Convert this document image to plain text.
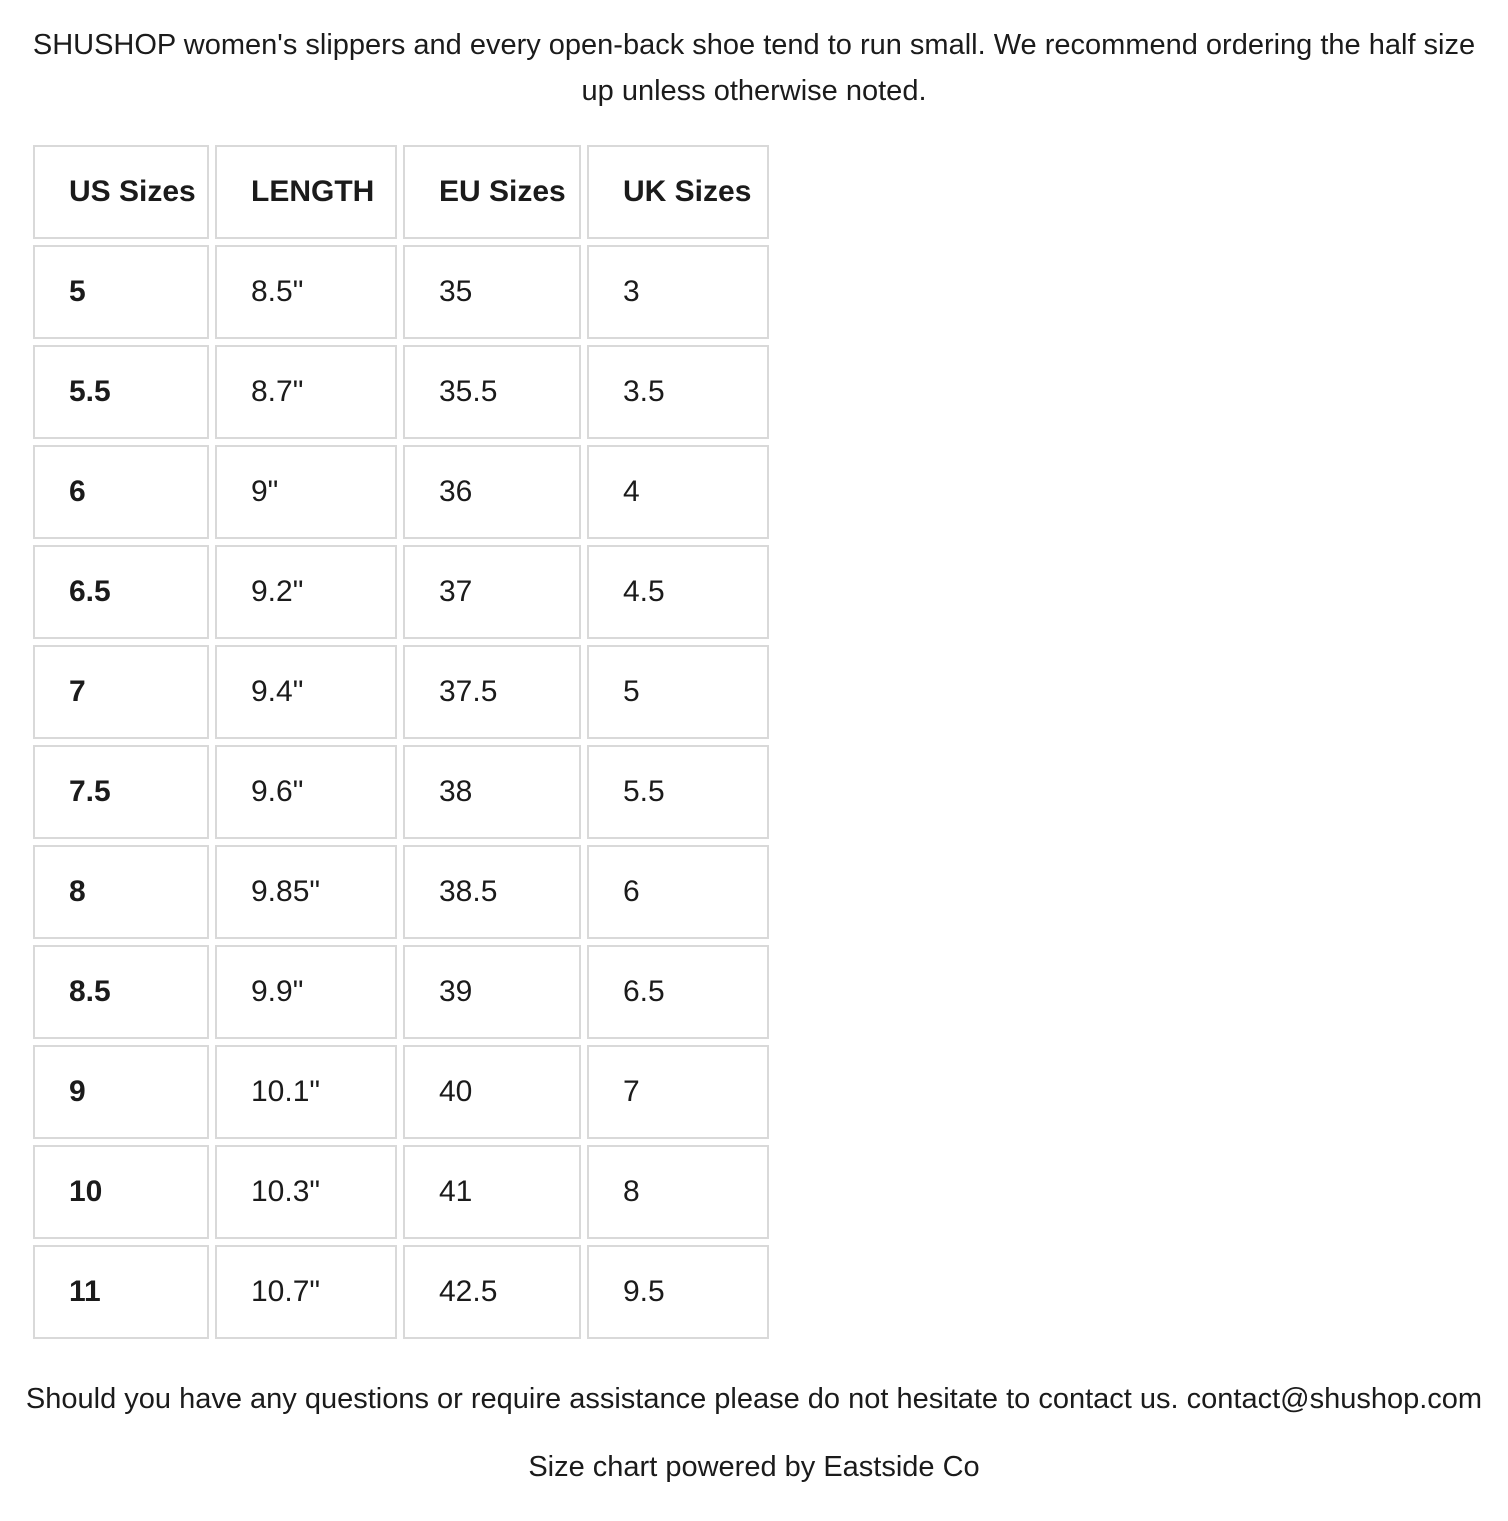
SHUSHOP women's slippers and every open-back shoe tend to run small. We recommend ordering the half size up unless otherwise noted.

US Sizes	LENGTH	EU Sizes	UK Sizes
5	8.5"	35	3
5.5	8.7"	35.5	3.5
6	9"	36	4
6.5	9.2"	37	4.5
7	9.4"	37.5	5
7.5	9.6"	38	5.5
8	9.85"	38.5	6
8.5	9.9"	39	6.5
9	10.1"	40	7
10	10.3"	41	8
11	10.7"	42.5	9.5

Should you have any questions or require assistance please do not hesitate to contact us. contact@shushop.com

Size chart powered by Eastside Co
